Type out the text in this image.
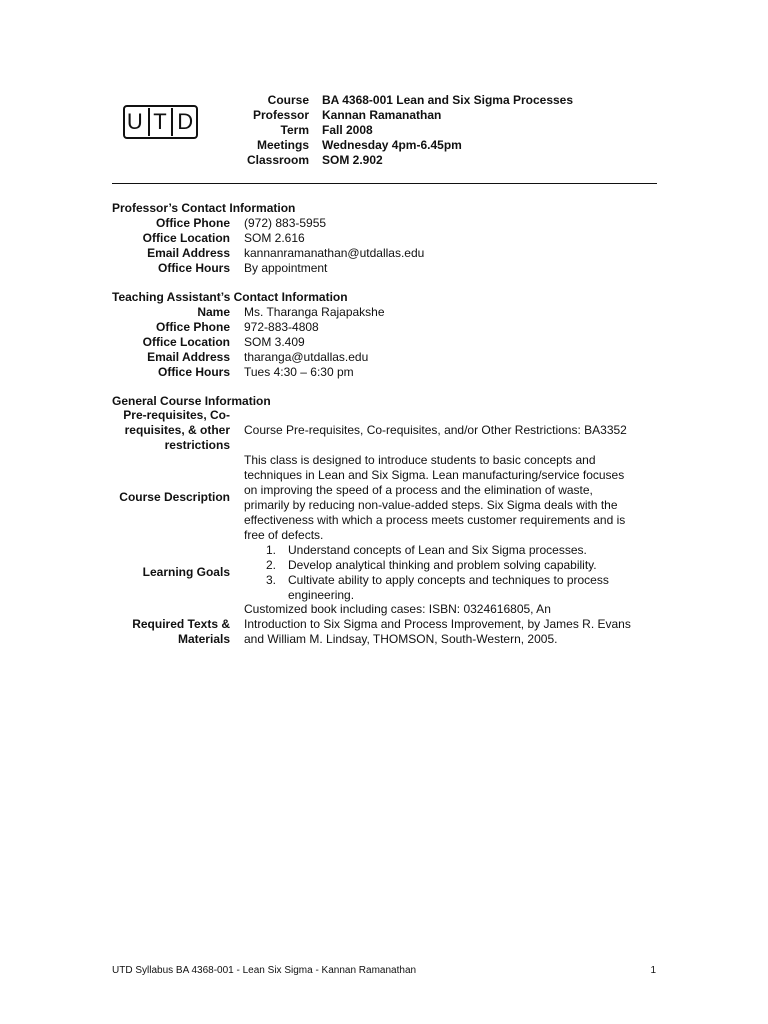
U T D
Course BA 4368-001 Lean and Six Sigma Processes
Professor Kannan Ramanathan
Term Fall 2008
Meetings Wednesday 4pm-6.45pm
Classroom SOM 2.902
Professor’s Contact Information
Office Phone (972) 883-5955
Office Location SOM 2.616
Email Address kannanramanathan@utdallas.edu
Office Hours By appointment
Teaching Assistant’s Contact Information
Name Ms. Tharanga Rajapakshe
Office Phone 972-883-4808
Office Location SOM 3.409
Email Address tharanga@utdallas.edu
Office Hours Tues 4:30 – 6:30 pm
General Course Information
Pre-requisites, Co-
requisites, & other
restrictions
Course Pre-requisites, Co-requisites, and/or Other Restrictions: BA3352
Course Description
This class is designed to introduce students to basic concepts and
techniques in Lean and Six Sigma. Lean manufacturing/service focuses
on improving the speed of a process and the elimination of waste,
primarily by reducing non-value-added steps. Six Sigma deals with the
effectiveness with which a process meets customer requirements and is
free of defects.
Learning Goals
1. Understand concepts of Lean and Six Sigma processes.
2. Develop analytical thinking and problem solving capability.
3. Cultivate ability to apply concepts and techniques to process engineering.
Required Texts &
Materials
Customized book including cases: ISBN: 0324616805, An
Introduction to Six Sigma and Process Improvement, by James R. Evans
and William M. Lindsay, THOMSON, South-Western, 2005.
UTD Syllabus BA 4368-001 - Lean Six Sigma - Kannan Ramanathan	1
